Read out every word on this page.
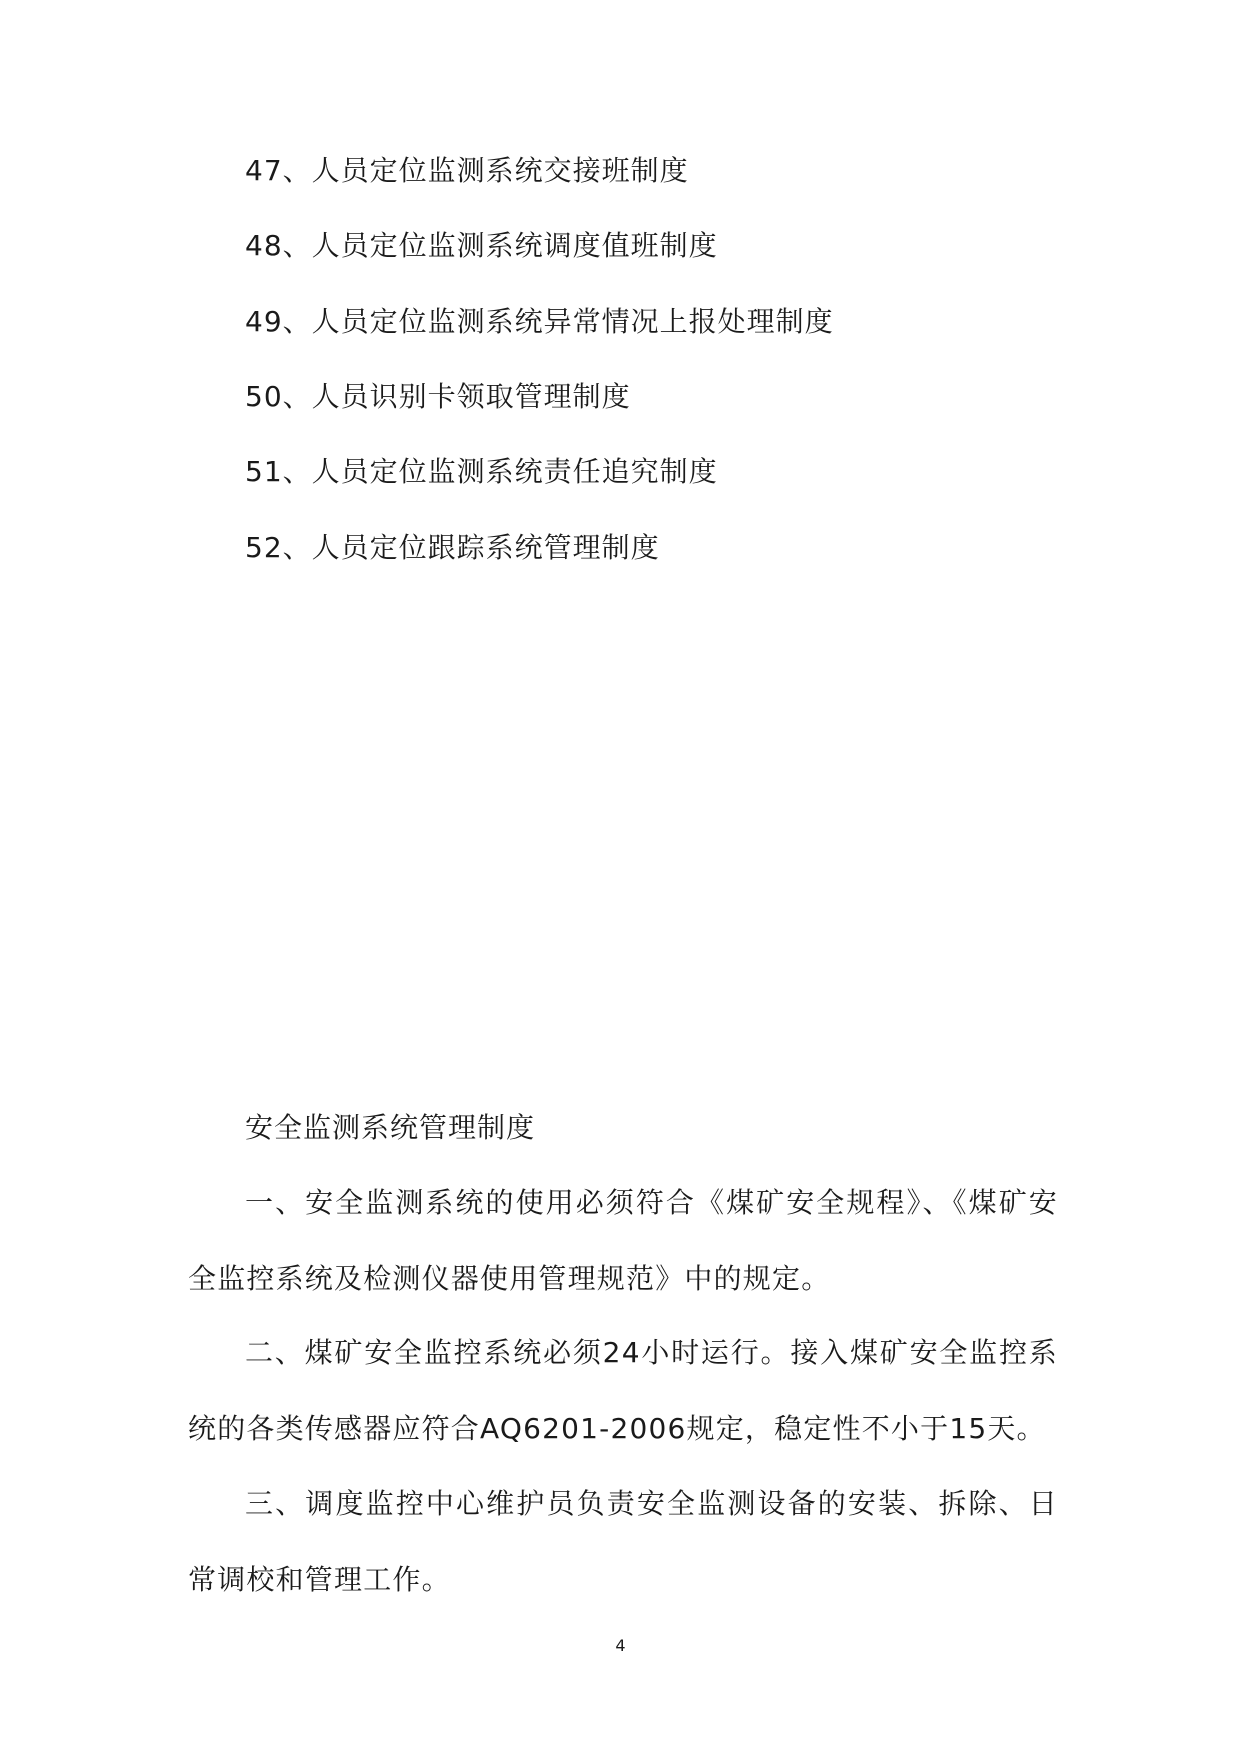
47、人员定位监测系统交接班制度
48、人员定位监测系统调度值班制度
49、人员定位监测系统异常情况上报处理制度
50、人员识别卡领取管理制度
51、人员定位监测系统责任追究制度
52、人员定位跟踪系统管理制度
安全监测系统管理制度

一、安全监测系统的使用必须符合《煤矿安全规程》、《煤矿安全监控系统及检测仪器使用管理规范》中的规定。

二、煤矿安全监控系统必须24小时运行。接入煤矿安全监控系统的各类传感器应符合AQ6201-2006规定，稳定性不小于15天。

三、调度监控中心维护员负责安全监测设备的安装、拆除、日常调校和管理工作。

4
